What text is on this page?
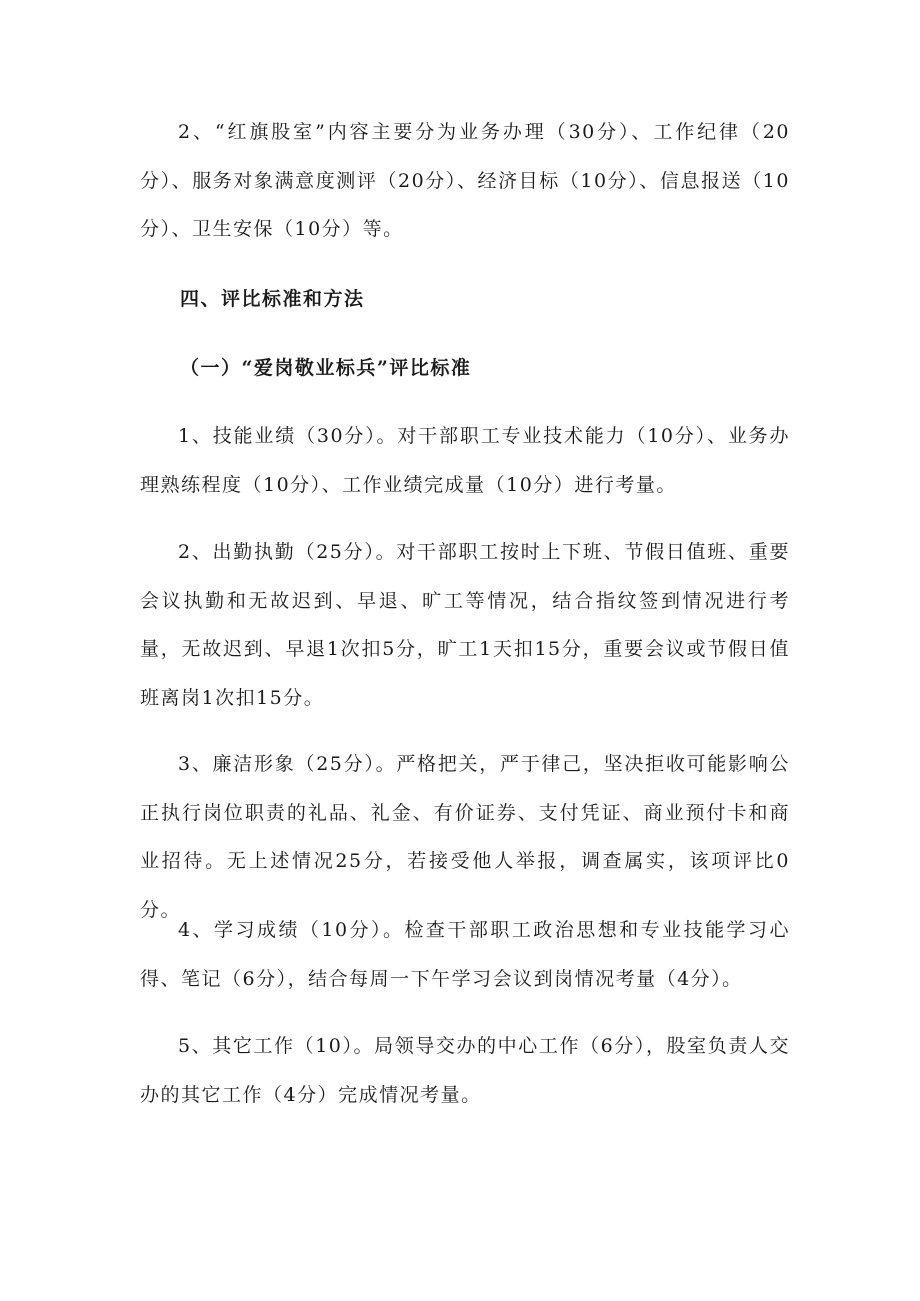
2、“红旗股室”内容主要分为业务办理（30分）、工作纪律（20分）、服务对象满意度测评（20分）、经济目标（10分）、信息报送（10分）、卫生安保（10分）等。

四、评比标准和方法
（一）“爱岗敬业标兵”评比标准

1、技能业绩（30分）。对干部职工专业技术能力（10分）、业务办理熟练程度（10分）、工作业绩完成量（10分）进行考量。

2、出勤执勤（25分）。对干部职工按时上下班、节假日值班、重要会议执勤和无故迟到、早退、旷工等情况，结合指纹签到情况进行考量，无故迟到、早退1次扣5分，旷工1天扣15分，重要会议或节假日值班离岗1次扣15分。

3、廉洁形象（25分）。严格把关，严于律己，坚决拒收可能影响公正执行岗位职责的礼品、礼金、有价证券、支付凭证、商业预付卡和商业招待。无上述情况25分，若接受他人举报，调查属实，该项评比0分。

4、学习成绩（10分）。检查干部职工政治思想和专业技能学习心得、笔记（6分），结合每周一下午学习会议到岗情况考量（4分）。

5、其它工作（10）。局领导交办的中心工作（6分），股室负责人交办的其它工作（4分）完成情况考量。
